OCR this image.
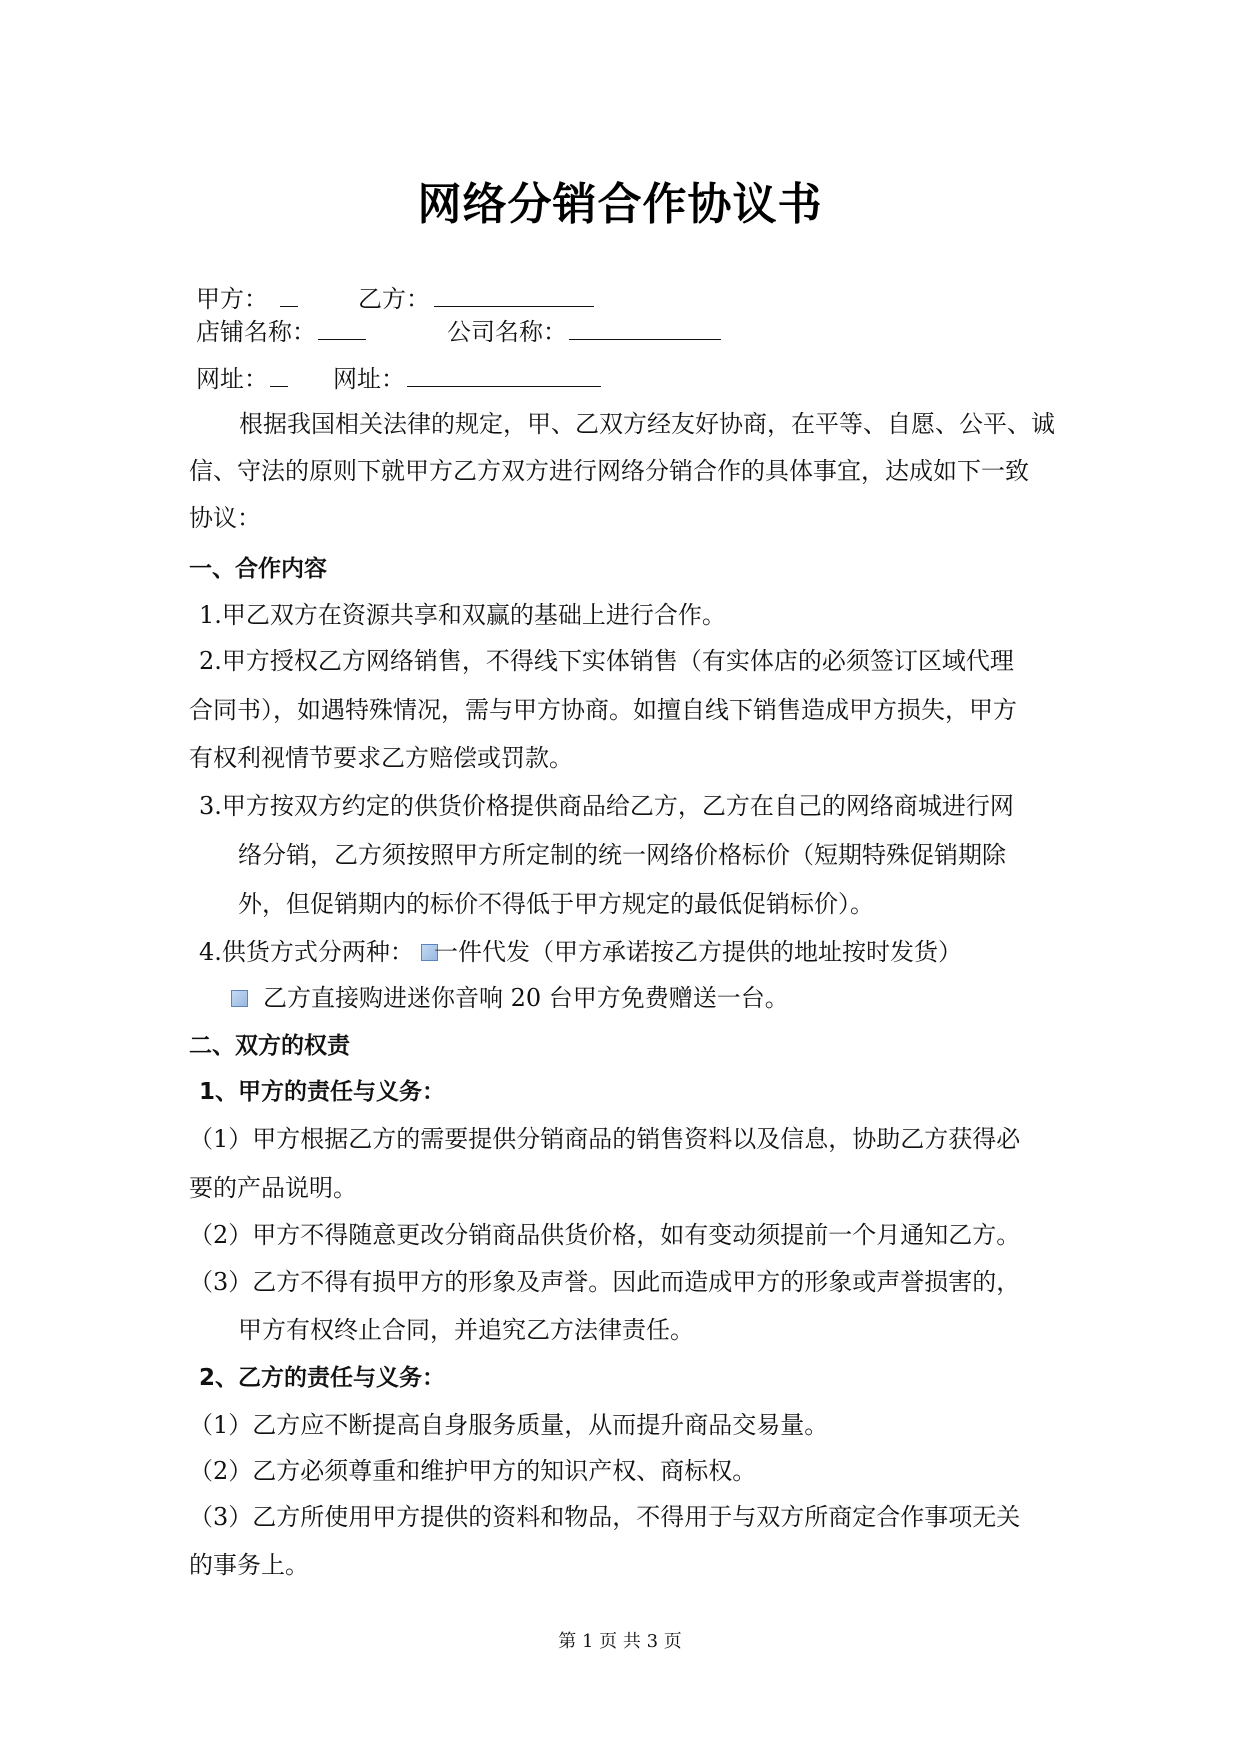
网络分销合作协议书
甲方：	乙方：
店铺名称：	公司名称：
网址：	网址：
根据我国相关法律的规定，甲、乙双方经友好协商，在平等、自愿、公平、诚
信、守法的原则下就甲方乙方双方进行网络分销合作的具体事宜，达成如下一致
协议：
一、合作内容
1.甲乙双方在资源共享和双赢的基础上进行合作。
2.甲方授权乙方网络销售，不得线下实体销售（有实体店的必须签订区域代理
合同书），如遇特殊情况，需与甲方协商。如擅自线下销售造成甲方损失，甲方
有权利视情节要求乙方赔偿或罚款。
3.甲方按双方约定的供货价格提供商品给乙方，乙方在自己的网络商城进行网
络分销，乙方须按照甲方所定制的统一网络价格标价（短期特殊促销期除
外，但促销期内的标价不得低于甲方规定的最低促销标价）。
4.供货方式分两种： 一件代发（甲方承诺按乙方提供的地址按时发货）
乙方直接购进迷你音响 20 台甲方免费赠送一台。
二、双方的权责
1、甲方的责任与义务：
（1）甲方根据乙方的需要提供分销商品的销售资料以及信息，协助乙方获得必
要的产品说明。
（2）甲方不得随意更改分销商品供货价格，如有变动须提前一个月通知乙方。
（3）乙方不得有损甲方的形象及声誉。因此而造成甲方的形象或声誉损害的，
甲方有权终止合同，并追究乙方法律责任。
2、乙方的责任与义务：
（1）乙方应不断提高自身服务质量，从而提升商品交易量。
（2）乙方必须尊重和维护甲方的知识产权、商标权。
（3）乙方所使用甲方提供的资料和物品，不得用于与双方所商定合作事项无关
的事务上。
第 1 页 共 3 页
